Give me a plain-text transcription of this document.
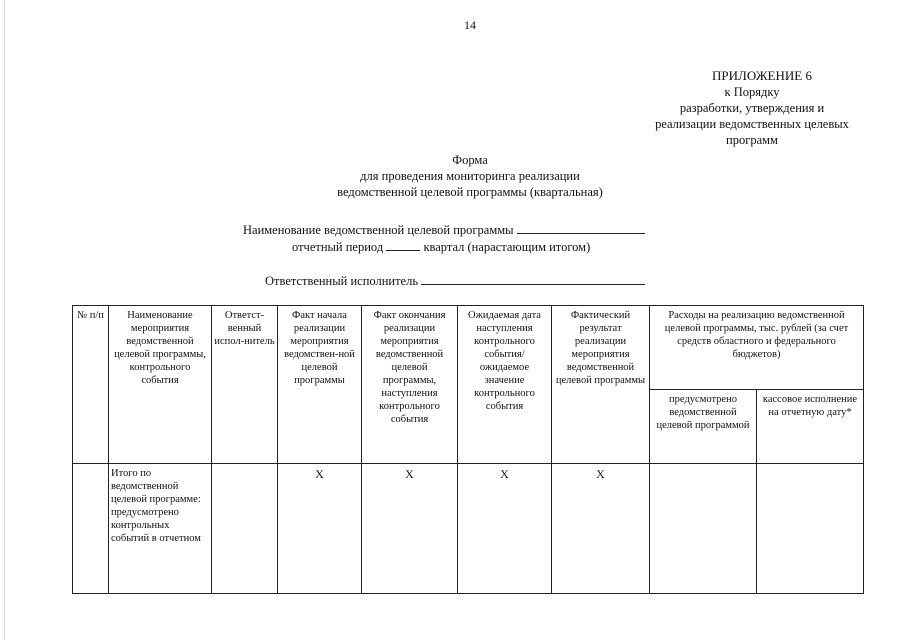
14
ПРИЛОЖЕНИЕ 6
к Порядку
разработки, утверждения и
реализации ведомственных целевых
программ
Форма
для проведения мониторинга реализации
ведомственной целевой программы (квартальная)
Наименование ведомственной целевой программы
отчетный период	квартал (нарастающим итогом)
Ответственный исполнитель
№ п/п	Наименование мероприятия ведомственной целевой программы, контрольного события	Ответст-венный испол-нитель	Факт начала реализации мероприятия ведомствен-ной целевой программы	Факт окончания реализации мероприятия ведомственной целевой программы, наступления контрольного события	Ожидаемая дата наступления контрольного события/ ожидаемое значение контрольного события	Фактический результат реализации мероприятия ведомственной целевой программы	Расходы на реализацию ведомственной целевой программы, тыс. рублей (за счет средств областного и федерального бюджетов)	
							предусмотрено ведомственной целевой программой	кассовое исполнение на отчетную дату*
	Итого по ведомственной целевой программе: предусмотрено контрольных событий в отчетном		X	X	X	X		
